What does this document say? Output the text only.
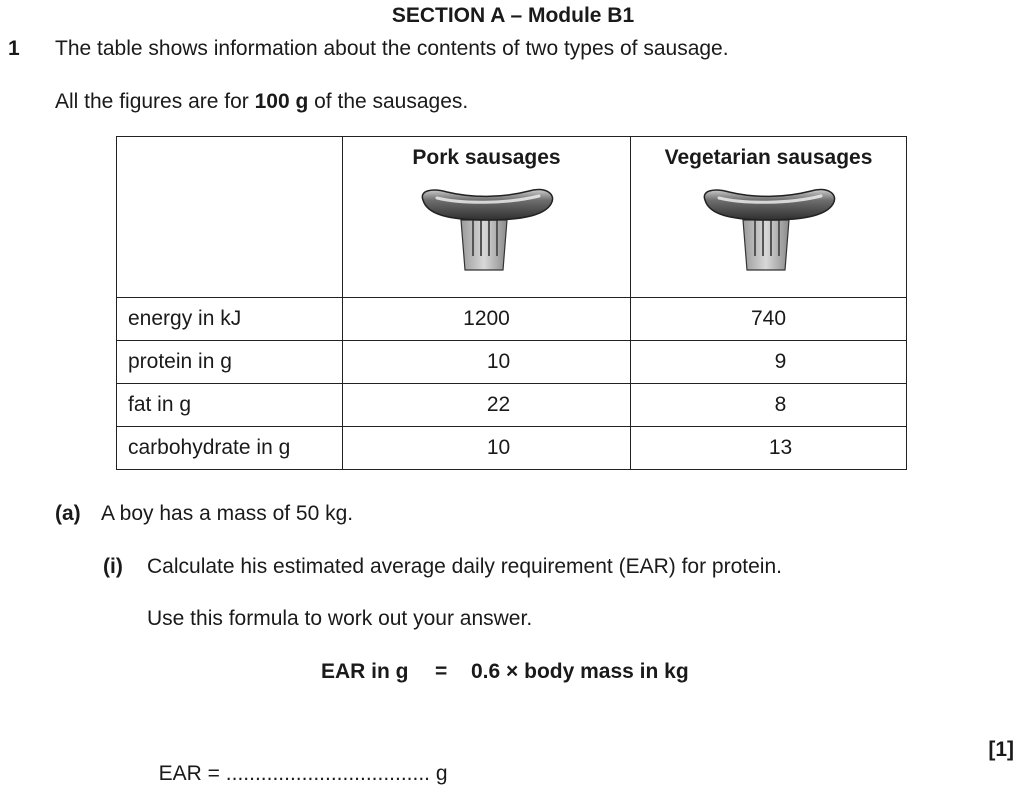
SECTION A – Module B1
1 The table shows information about the contents of two types of sausage.
All the figures are for 100 g of the sausages.

	Pork sausages	Vegetarian sausages

energy in kJ	1200	740
protein in g	10	9
fat in g	22	8
carbohydrate in g	10	13
(a) A boy has a mass of 50 kg.
(i) Calculate his estimated average daily requirement (EAR) for protein.
Use this formula to work out your answer.
EAR in g = 0.6 × body mass in kg

EAR = ................................... g

[1]
